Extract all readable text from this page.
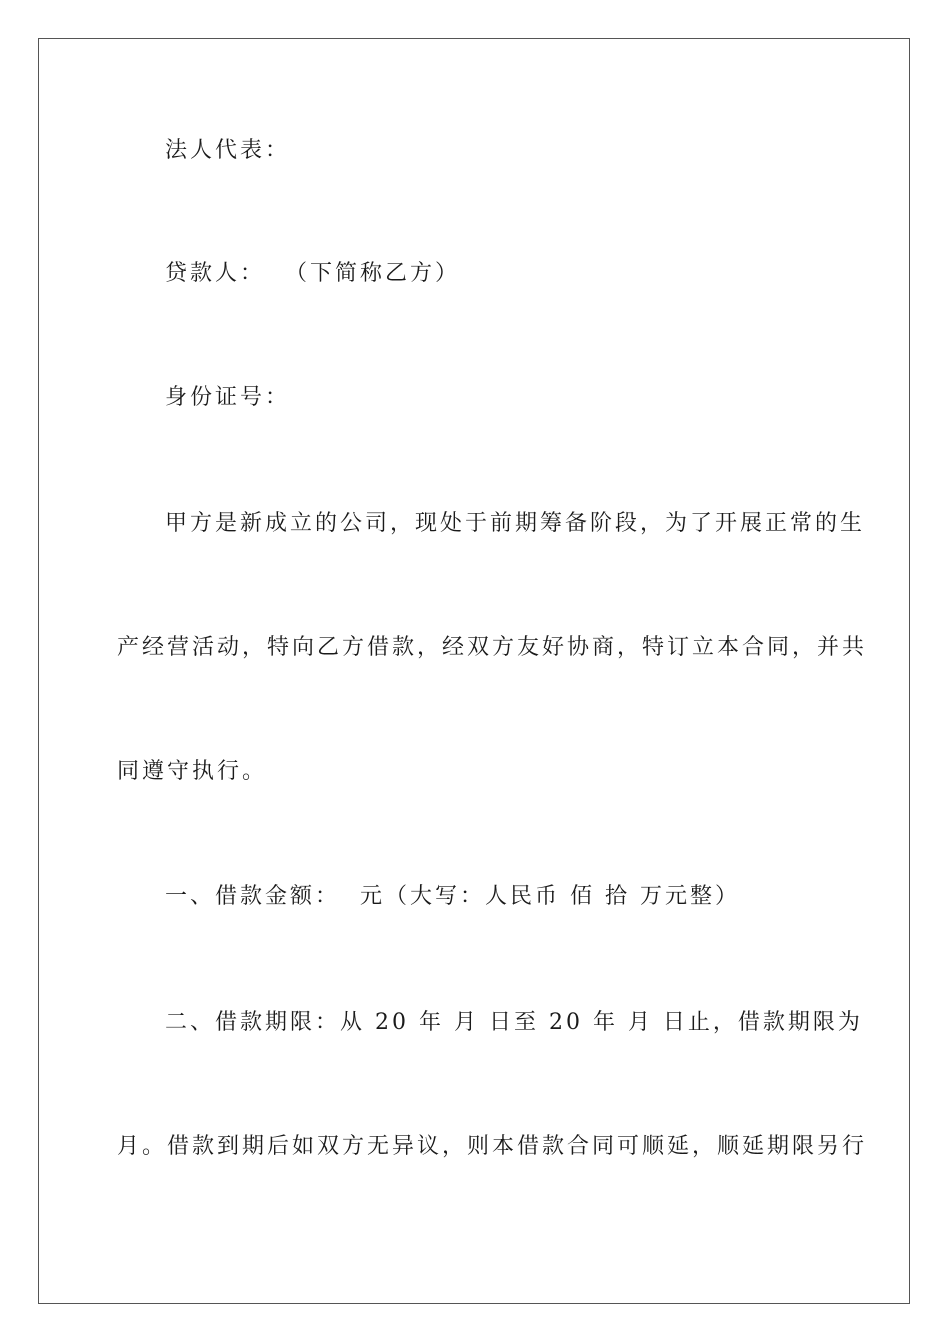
法人代表：
贷款人：  （下简称乙方）
身份证号：
甲方是新成立的公司，现处于前期筹备阶段，为了开展正常的生
产经营活动，特向乙方借款，经双方友好协商，特订立本合同，并共
同遵守执行。
一、借款金额：  元（大写：人民币 佰 拾 万元整）
二、借款期限：从 20 年 月 日至 20 年 月 日止，借款期限为
月。借款到期后如双方无异议，则本借款合同可顺延，顺延期限另行
